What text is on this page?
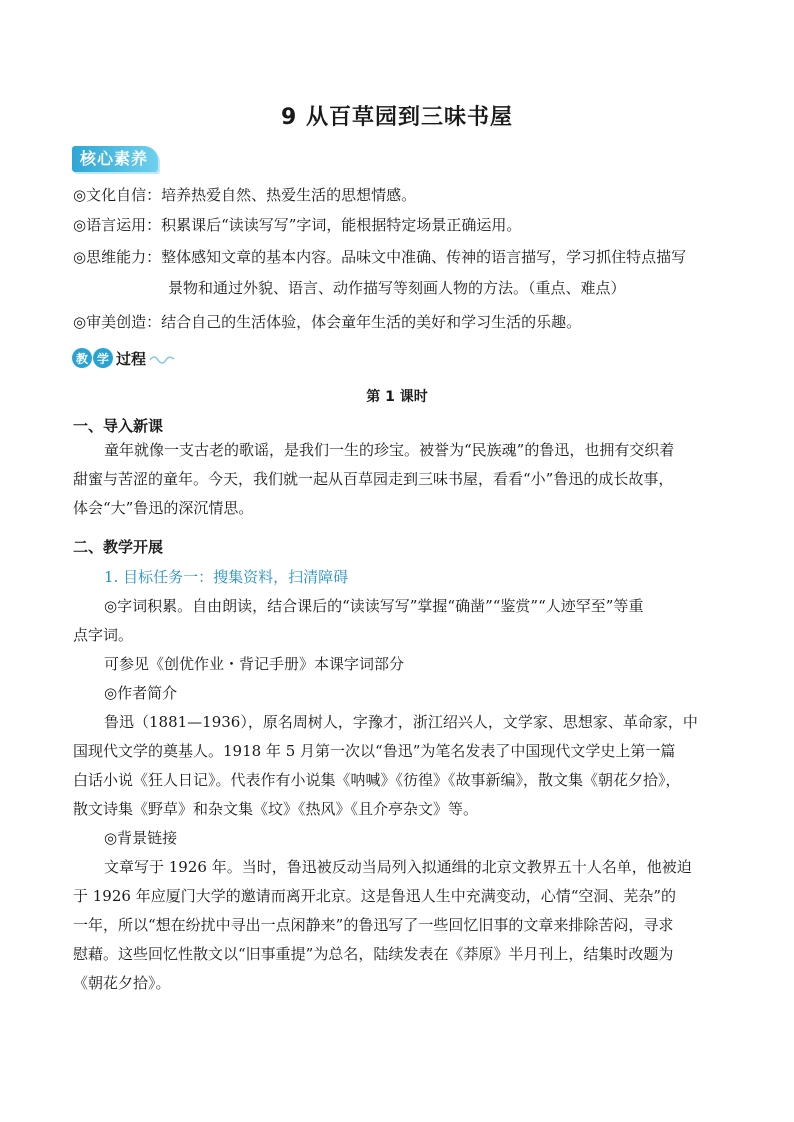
9 从百草园到三味书屋
核心素养
◎文化自信：培养热爱自然、热爱生活的思想情感。
◎语言运用：积累课后“读读写写”字词，能根据特定场景正确运用。
◎思维能力：整体感知文章的基本内容。品味文中准确、传神的语言描写，学习抓住特点描写
景物和通过外貌、语言、动作描写等刻画人物的方法。（重点、难点）
◎审美创造：结合自己的生活体验，体会童年生活的美好和学习生活的乐趣。
教 学 过程
第 1 课时
一、导入新课
童年就像一支古老的歌谣，是我们一生的珍宝。被誉为“民族魂”的鲁迅，也拥有交织着
甜蜜与苦涩的童年。今天，我们就一起从百草园走到三味书屋，看看“小”鲁迅的成长故事，
体会“大”鲁迅的深沉情思。
二、教学开展
1. 目标任务一：搜集资料，扫清障碍
◎字词积累。自由朗读，结合课后的“读读写写”掌握“确凿”“鉴赏”“人迹罕至”等重
点字词。
可参见《创优作业・背记手册》本课字词部分
◎作者简介
鲁迅（1881—1936），原名周树人，字豫才，浙江绍兴人，文学家、思想家、革命家，中
国现代文学的奠基人。1918 年 5 月第一次以“鲁迅”为笔名发表了中国现代文学史上第一篇
白话小说《狂人日记》。代表作有小说集《呐喊》《彷徨》《故事新编》，散文集《朝花夕拾》，
散文诗集《野草》和杂文集《坟》《热风》《且介亭杂文》等。
◎背景链接
文章写于 1926 年。当时，鲁迅被反动当局列入拟通缉的北京文教界五十人名单，他被迫
于 1926 年应厦门大学的邀请而离开北京。这是鲁迅人生中充满变动，心情“空洞、芜杂”的
一年，所以“想在纷扰中寻出一点闲静来”的鲁迅写了一些回忆旧事的文章来排除苦闷，寻求
慰藉。这些回忆性散文以“旧事重提”为总名，陆续发表在《莽原》半月刊上，结集时改题为
《朝花夕拾》。
